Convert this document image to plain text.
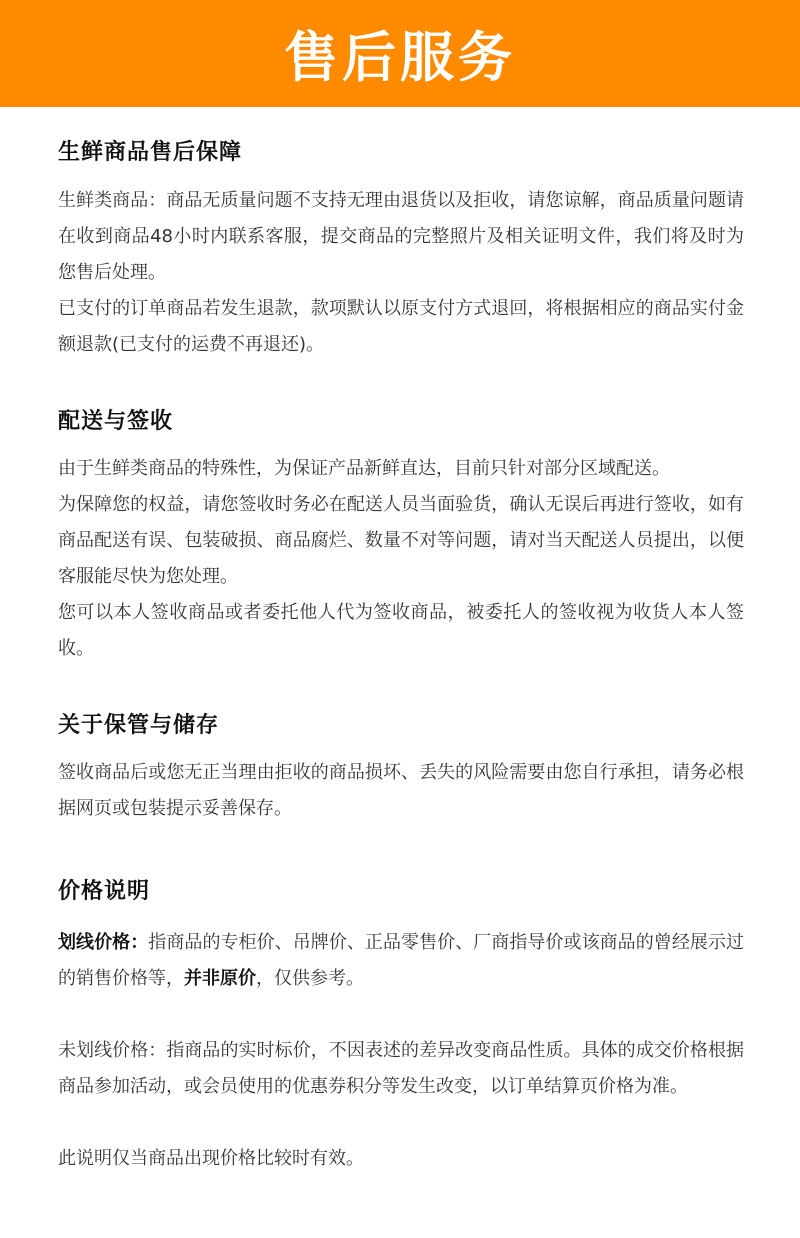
售后服务
生鲜商品售后保障

生鲜类商品：商品无质量问题不支持无理由退货以及拒收，请您谅解，商品质量问题请在收到商品48小时内联系客服，提交商品的完整照片及相关证明文件，我们将及时为您售后处理。

已支付的订单商品若发生退款，款项默认以原支付方式退回，将根据相应的商品实付金额退款(已支付的运费不再退还)。

配送与签收

由于生鲜类商品的特殊性，为保证产品新鲜直达，目前只针对部分区域配送。

为保障您的权益，请您签收时务必在配送人员当面验货，确认无误后再进行签收，如有商品配送有误、包装破损、商品腐烂、数量不对等问题，请对当天配送人员提出，以便客服能尽快为您处理。

您可以本人签收商品或者委托他人代为签收商品，被委托人的签收视为收货人本人签收。

关于保管与储存

签收商品后或您无正当理由拒收的商品损坏、丢失的风险需要由您自行承担，请务必根据网页或包装提示妥善保存。

价格说明

划线价格：指商品的专柜价、吊牌价、正品零售价、厂商指导价或该商品的曾经展示过的销售价格等，并非原价，仅供参考。

未划线价格：指商品的实时标价，不因表述的差异改变商品性质。具体的成交价格根据商品参加活动，或会员使用的优惠券积分等发生改变，以订单结算页价格为准。

此说明仅当商品出现价格比较时有效。
